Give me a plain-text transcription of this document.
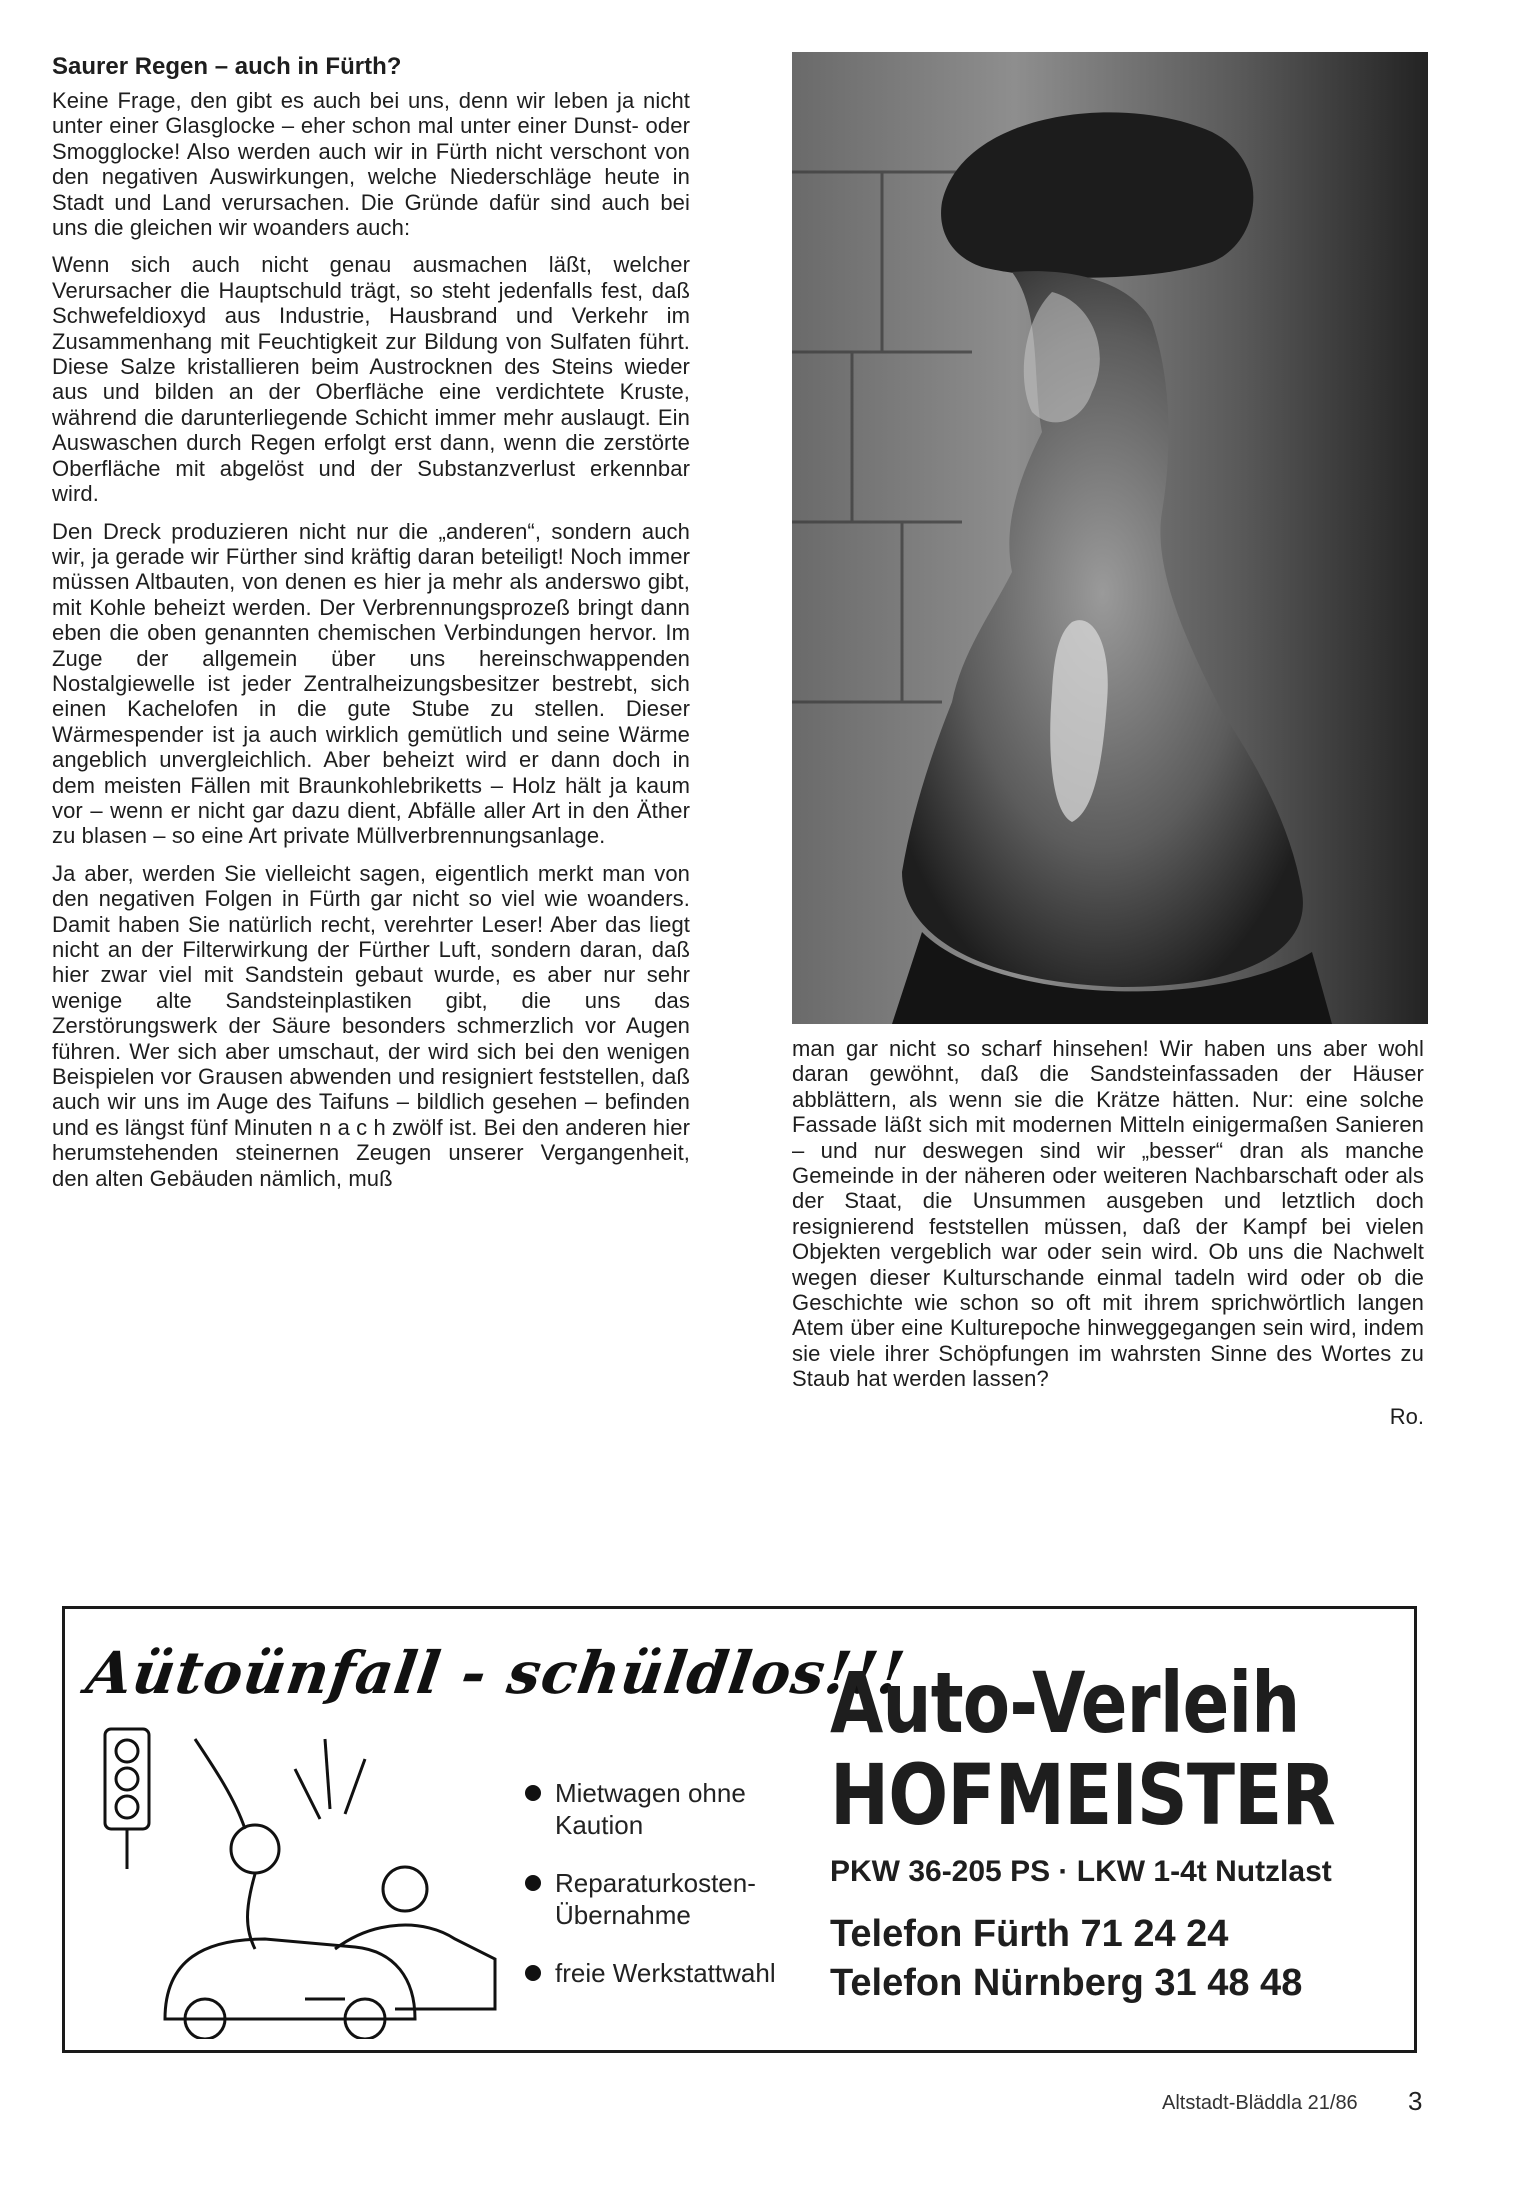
Saurer Regen – auch in Fürth?

Keine Frage, den gibt es auch bei uns, denn wir leben ja nicht unter einer Glasglocke – eher schon mal unter einer Dunst- oder Smogglocke! Also werden auch wir in Fürth nicht verschont von den negativen Auswirkungen, welche Niederschläge heute in Stadt und Land verursachen. Die Gründe dafür sind auch bei uns die gleichen wir woanders auch:

Wenn sich auch nicht genau ausmachen läßt, welcher Verursacher die Hauptschuld trägt, so steht jedenfalls fest, daß Schwefeldioxyd aus Industrie, Hausbrand und Verkehr im Zusammenhang mit Feuchtigkeit zur Bildung von Sulfaten führt. Diese Salze kristallieren beim Austrocknen des Steins wieder aus und bilden an der Oberfläche eine verdichtete Kruste, während die darunterliegende Schicht immer mehr auslaugt. Ein Auswaschen durch Regen erfolgt erst dann, wenn die zerstörte Oberfläche mit abgelöst und der Substanzverlust erkennbar wird.

Den Dreck produzieren nicht nur die „anderen“, sondern auch wir, ja gerade wir Fürther sind kräftig daran beteiligt! Noch immer müssen Altbauten, von denen es hier ja mehr als anderswo gibt, mit Kohle beheizt werden. Der Verbrennungsprozeß bringt dann eben die oben genannten chemischen Verbindungen hervor. Im Zuge der allgemein über uns hereinschwappenden Nostalgiewelle ist jeder Zentralheizungsbesitzer bestrebt, sich einen Kachelofen in die gute Stube zu stellen. Dieser Wärmespender ist ja auch wirklich gemütlich und seine Wärme angeblich unvergleichlich. Aber beheizt wird er dann doch in dem meisten Fällen mit Braunkohlebriketts – Holz hält ja kaum vor – wenn er nicht gar dazu dient, Abfälle aller Art in den Äther zu blasen – so eine Art private Müllverbrennungsanlage.

Ja aber, werden Sie vielleicht sagen, eigentlich merkt man von den negativen Folgen in Fürth gar nicht so viel wie woanders. Damit haben Sie natürlich recht, verehrter Leser! Aber das liegt nicht an der Filterwirkung der Fürther Luft, sondern daran, daß hier zwar viel mit Sandstein gebaut wurde, es aber nur sehr wenige alte Sandsteinplastiken gibt, die uns das Zerstörungswerk der Säure besonders schmerzlich vor Augen führen. Wer sich aber umschaut, der wird sich bei den wenigen Beispielen vor Grausen abwenden und resigniert feststellen, daß auch wir uns im Auge des Taifuns – bildlich gesehen – befinden und es längst fünf Minuten n a c h zwölf ist. Bei den anderen hier herumstehenden steinernen Zeugen unserer Vergangenheit, den alten Gebäuden nämlich, muß

man gar nicht so scharf hinsehen! Wir haben uns aber wohl daran gewöhnt, daß die Sandsteinfassaden der Häuser abblättern, als wenn sie die Krätze hätten. Nur: eine solche Fassade läßt sich mit modernen Mitteln einigermaßen Sanieren – und nur deswegen sind wir „besser“ dran als manche Gemeinde in der näheren oder weiteren Nachbarschaft oder als der Staat, die Unsummen ausgeben und letztlich doch resignierend feststellen müssen, daß der Kampf bei vielen Objekten vergeblich war oder sein wird. Ob uns die Nachwelt wegen dieser Kulturschande einmal tadeln wird oder ob die Geschichte wie schon so oft mit ihrem sprichwörtlich langen Atem über eine Kulturepoche hinweggegangen sein wird, indem sie viele ihrer Schöpfungen im wahrsten Sinne des Wortes zu Staub hat werden lassen?

Ro.
Aütoünfall - schüldlos!!!
Mietwagen ohne Kaution
Reparaturkosten-Übernahme
freie Werkstattwahl
Auto-Verleih
HOFMEISTER
PKW 36-205 PS · LKW 1-4t Nutzlast
Telefon Fürth 71 24 24
Telefon Nürnberg 31 48 48
Altstadt-Bläddla 21/86 3
